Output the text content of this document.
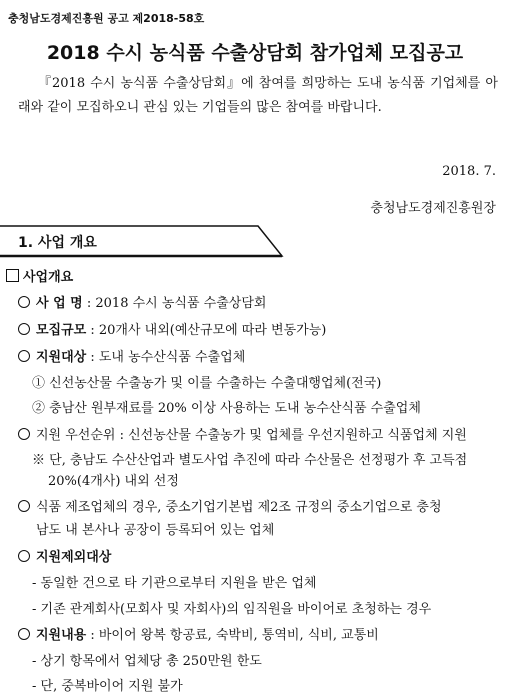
충청남도경제진흥원 공고 제2018-58호
2018 수시 농식품 수출상담회 참가업체 모집공고
『2018 수시 농식품 수출상담회』에 참여를 희망하는 도내 농식품 기업체를 아래와 같이 모집하오니 관심 있는 기업들의 많은 참여를 바랍니다.
2018. 7.
충청남도경제진흥원장
1. 사업 개요
사업개요
사 업 명 : 2018 수시 농식품 수출상담회
모집규모 : 20개사 내외(예산규모에 따라 변동가능)
지원대상 : 도내 농수산식품 수출업체
① 신선농산물 수출농가 및 이를 수출하는 수출대행업체(전국)
② 충남산 원부재료를 20% 이상 사용하는 도내 농수산식품 수출업체
지원 우선순위 : 신선농산물 수출농가 및 업체를 우선지원하고 식품업체 지원
※ 단, 충남도 수산산업과 별도사업 추진에 따라 수산물은 선정평가 후 고득점
20%(4개사) 내외 선정
식품 제조업체의 경우, 중소기업기본법 제2조 규정의 중소기업으로 충청
남도 내 본사나 공장이 등록되어 있는 업체
지원제외대상
- 동일한 건으로 타 기관으로부터 지원을 받은 업체
- 기존 관계회사(모회사 및 자회사)의 임직원을 바이어로 초청하는 경우
지원내용 : 바이어 왕복 항공료, 숙박비, 통역비, 식비, 교통비
- 상기 항목에서 업체당 총 250만원 한도
- 단, 중복바이어 지원 불가
